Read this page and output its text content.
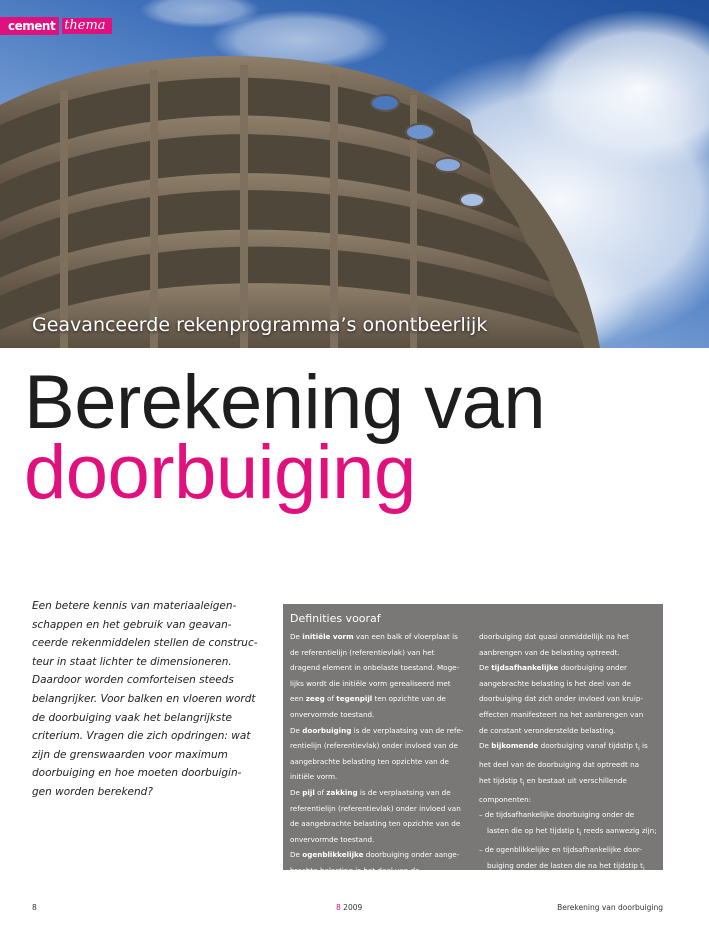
cement thema
Geavanceerde rekenprogramma’s onontbeerlijk
Berekening van
doorbuiging
Een betere kennis van materiaaleigen-
schappen en het gebruik van geavan-
ceerde rekenmiddelen stellen de construc-
teur in staat lichter te dimensioneren.
Daardoor worden comforteisen steeds
belangrijker. Voor balken en vloeren wordt
de doorbuiging vaak het belangrijkste
criterium. Vragen die zich opdringen: wat
zijn de grenswaarden voor maximum
doorbuiging en hoe moeten doorbuigin-
gen worden berekend?
Definities vooraf
De initiële vorm van een balk of vloerplaat is
de referentielijn (referentievlak) van het
dragend element in onbelaste toestand. Moge-
lijks wordt die initiële vorm gerealiseerd met
een zeeg of tegenpijl ten opzichte van de
onvervormde toestand.
De doorbuiging is de verplaatsing van de refe-
rentielijn (referentievlak) onder invloed van de
aangebrachte belasting ten opzichte van de
initiële vorm.
De pijl of zakking is de verplaatsing van de
referentielijn (referentievlak) onder invloed van
de aangebrachte belasting ten opzichte van de
onvervormde toestand.
De ogenblikkelijke doorbuiging onder aange-
brachte belasting is het deel van de
doorbuiging dat quasi onmiddellijk na het
aanbrengen van de belasting optreedt.
De tijdsafhankelijke doorbuiging onder
aangebrachte belasting is het deel van de
doorbuiging dat zich onder invloed van kruip-
effecten manifesteert na het aanbrengen van
de constant veronderstelde belasting.
De bijkomende doorbuiging vanaf tijdstip $t_i$ is
het deel van de doorbuiging dat optreedt na
het tijdstip $t_i$ en bestaat uit verschillende
componenten:
– de tijdsafhankelijke doorbuiging onder de
lasten die op het tijdstip $t_i$ reeds aanwezig zijn;
– de ogenblikkelijke en tijdsafhankelijke door-
buiging onder de lasten die na het tijdstip $t_i$
worden aangebracht.
8	8 2009	Berekening van doorbuiging
